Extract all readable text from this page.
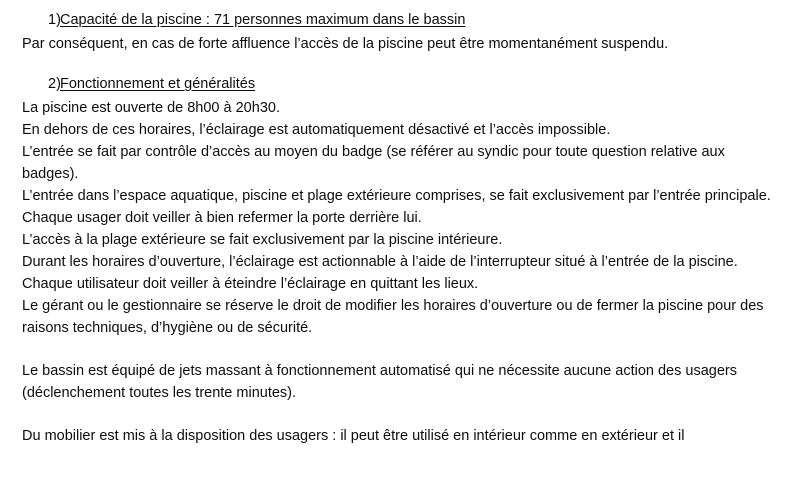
1) Capacité de la piscine : 71 personnes maximum dans le bassin

Par conséquent, en cas de forte affluence l’accès de la piscine peut être momentanément suspendu.

2) Fonctionnement et généralités

La piscine est ouverte de 8h00 à 20h30.

En dehors de ces horaires, l’éclairage est automatiquement désactivé et l’accès impossible.

L’entrée se fait par contrôle d’accès au moyen du badge (se référer au syndic pour toute question relative aux badges).

L’entrée dans l’espace aquatique, piscine et plage extérieure comprises, se fait exclusivement par l’entrée principale. Chaque usager doit veiller à bien refermer la porte derrière lui.

L’accès à la plage extérieure se fait exclusivement par la piscine intérieure.

Durant les horaires d’ouverture, l’éclairage est actionnable à l’aide de l’interrupteur situé à l’entrée de la piscine. Chaque utilisateur doit veiller à éteindre l’éclairage en quittant les lieux.

Le gérant ou le gestionnaire se réserve le droit de modifier les horaires d’ouverture ou de fermer la piscine pour des raisons techniques, d’hygiène ou de sécurité.

Le bassin est équipé de jets massant à fonctionnement automatisé qui ne nécessite aucune action des usagers (déclenchement toutes les trente minutes).

Du mobilier est mis à la disposition des usagers : il peut être utilisé en intérieur comme en extérieur et il
